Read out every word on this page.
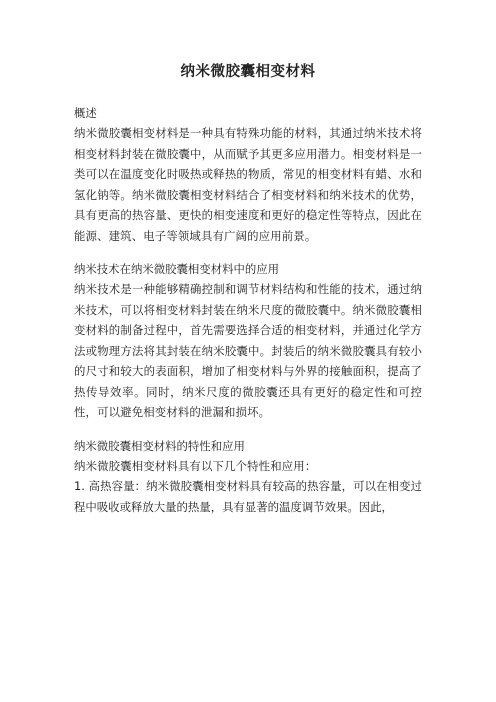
纳米微胶囊相变材料
概述

纳米微胶囊相变材料是一种具有特殊功能的材料，其通过纳米技术将相变材料封装在微胶囊中，从而赋予其更多应用潜力。相变材料是一类可以在温度变化时吸热或释热的物质，常见的相变材料有蜡、水和氢化钠等。纳米微胶囊相变材料结合了相变材料和纳米技术的优势，具有更高的热容量、更快的相变速度和更好的稳定性等特点，因此在能源、建筑、电子等领域具有广阔的应用前景。

纳米技术在纳米微胶囊相变材料中的应用

纳米技术是一种能够精确控制和调节材料结构和性能的技术，通过纳米技术，可以将相变材料封装在纳米尺度的微胶囊中。纳米微胶囊相变材料的制备过程中，首先需要选择合适的相变材料，并通过化学方法或物理方法将其封装在纳米胶囊中。封装后的纳米微胶囊具有较小的尺寸和较大的表面积，增加了相变材料与外界的接触面积，提高了热传导效率。同时，纳米尺度的微胶囊还具有更好的稳定性和可控性，可以避免相变材料的泄漏和损坏。

纳米微胶囊相变材料的特性和应用

纳米微胶囊相变材料具有以下几个特性和应用：

1. 高热容量：纳米微胶囊相变材料具有较高的热容量，可以在相变过程中吸收或释放大量的热量，具有显著的温度调节效果。因此，
